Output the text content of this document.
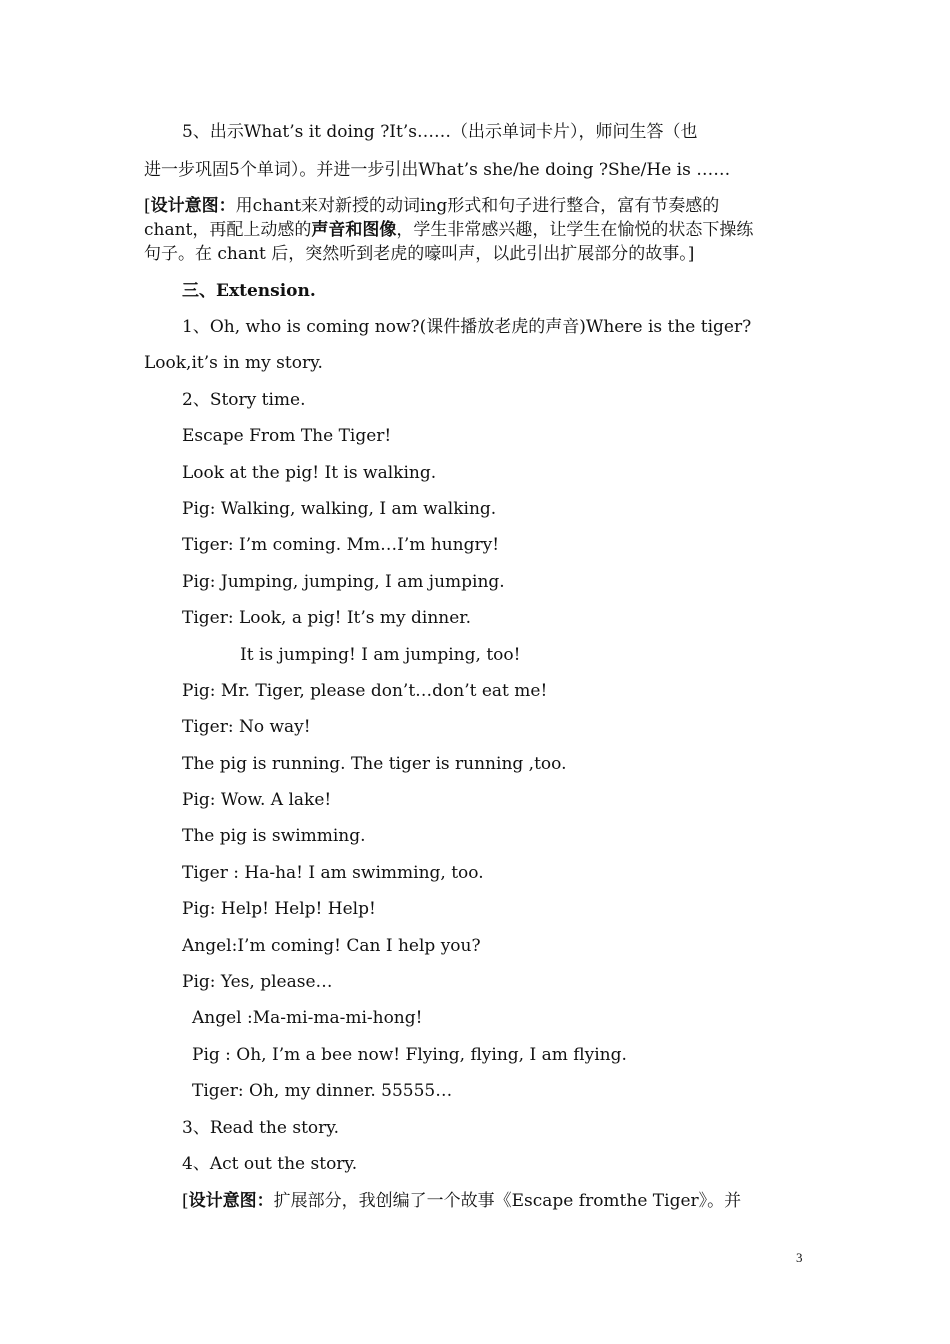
5、出示What’s it doing ?It’s……（出示单词卡片），师问生答（也
进一步巩固5个单词）。并进一步引出What’s she/he doing ?She/He is ……
[设计意图：用chant来对新授的动词ing形式和句子进行整合，富有节奏感的
chant，再配上动感的声音和图像，学生非常感兴趣，让学生在愉悦的状态下操练
句子。在 chant 后，突然听到老虎的嚎叫声，以此引出扩展部分的故事。]
三、Extension.
1、Oh, who is coming now?(课件播放老虎的声音)Where is the tiger?
Look,it’s in my story.
2、Story time.
Escape From The Tiger!
Look at the pig! It is walking.
Pig: Walking, walking, I am walking.
Tiger: I’m coming. Mm…I’m hungry!
Pig: Jumping, jumping, I am jumping.
Tiger: Look, a pig! It’s my dinner.
It is jumping! I am jumping, too!
Pig: Mr. Tiger, please don’t…don’t eat me!
Tiger: No way!
The pig is running. The tiger is running ,too.
Pig: Wow. A lake!
The pig is swimming.
Tiger : Ha-ha! I am swimming, too.
Pig: Help! Help! Help!
Angel:I’m coming! Can I help you?
Pig: Yes, please…
Angel :Ma-mi-ma-mi-hong!
Pig : Oh, I’m a bee now! Flying, flying, I am flying.
Tiger: Oh, my dinner. 55555…
3、Read the story.
4、Act out the story.
[设计意图：扩展部分，我创编了一个故事《Escape fromthe Tiger》。并
3
